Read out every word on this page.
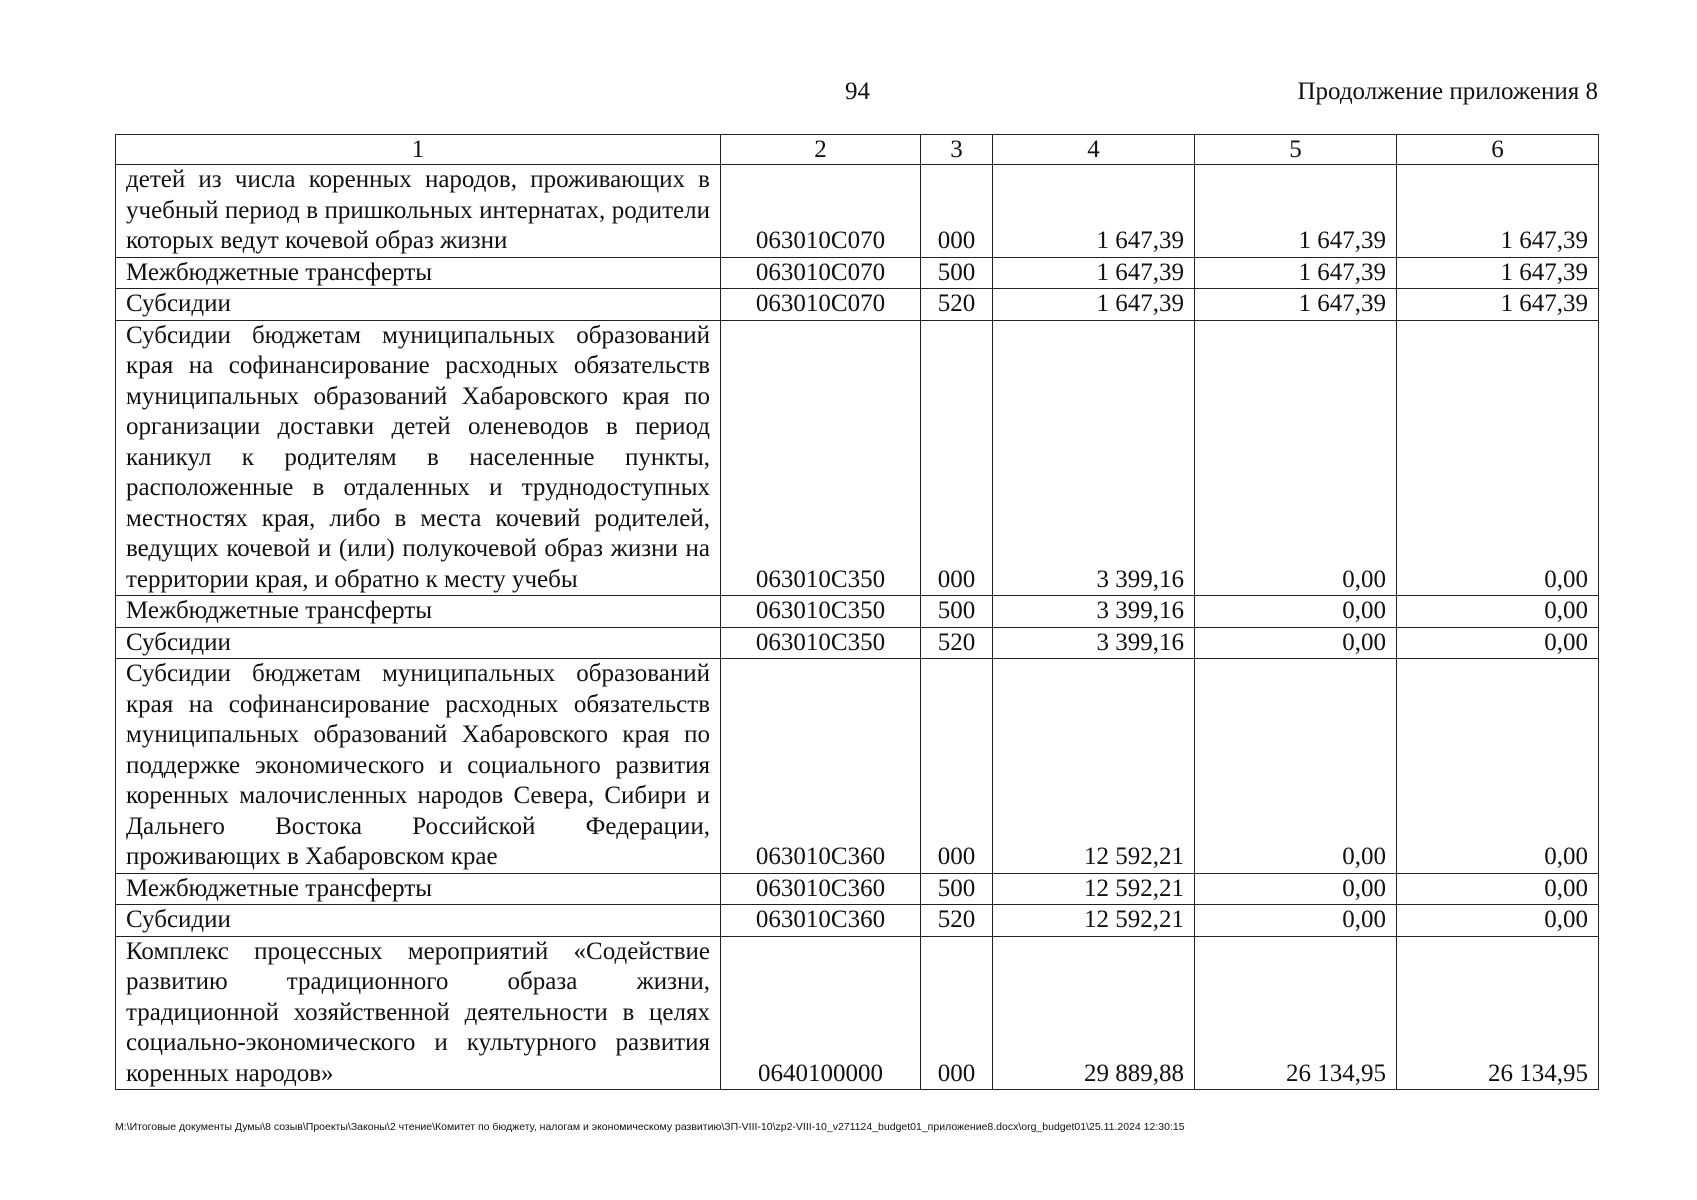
94	Продолжение приложения 8
1	2	3	4	5	6
детей из числа коренных народов, проживающих в учебный период в пришкольных интернатах, родители которых ведут кочевой образ жизни	063010С070	000	1 647,39	1 647,39	1 647,39
Межбюджетные трансферты	063010С070	500	1 647,39	1 647,39	1 647,39
Субсидии	063010С070	520	1 647,39	1 647,39	1 647,39
Субсидии бюджетам муниципальных образований края на софинансирование расходных обязательств муниципальных образований Хабаровского края по организации доставки детей оленеводов в период каникул к родителям в населенные пункты, расположенные в отдаленных и труднодоступных местностях края, либо в места кочевий родителей, ведущих кочевой и (или) полукочевой образ жизни на территории края, и обратно к месту учебы	063010С350	000	3 399,16	0,00	0,00
Межбюджетные трансферты	063010С350	500	3 399,16	0,00	0,00
Субсидии	063010С350	520	3 399,16	0,00	0,00
Субсидии бюджетам муниципальных образований края на софинансирование расходных обязательств муниципальных образований Хабаровского края по поддержке экономического и социального развития коренных малочисленных народов Севера, Сибири и Дальнего Востока Российской Федерации, проживающих в Хабаровском крае	063010С360	000	12 592,21	0,00	0,00
Межбюджетные трансферты	063010С360	500	12 592,21	0,00	0,00
Субсидии	063010С360	520	12 592,21	0,00	0,00
Комплекс процессных мероприятий «Содействие развитию традиционного образа жизни, традиционной хозяйственной деятельности в целях социально-экономического и культурного развития коренных народов»	0640100000	000	29 889,88	26 134,95	26 134,95
M:\Итоговые документы Думы\8 созыв\Проекты\Законы\2 чтение\Комитет по бюджету, налогам и экономическому развитию\ЗП-VIII-10\zp2-VIII-10_v271124_budget01_приложение8.docx\org_budget01\25.11.2024 12:30:15
